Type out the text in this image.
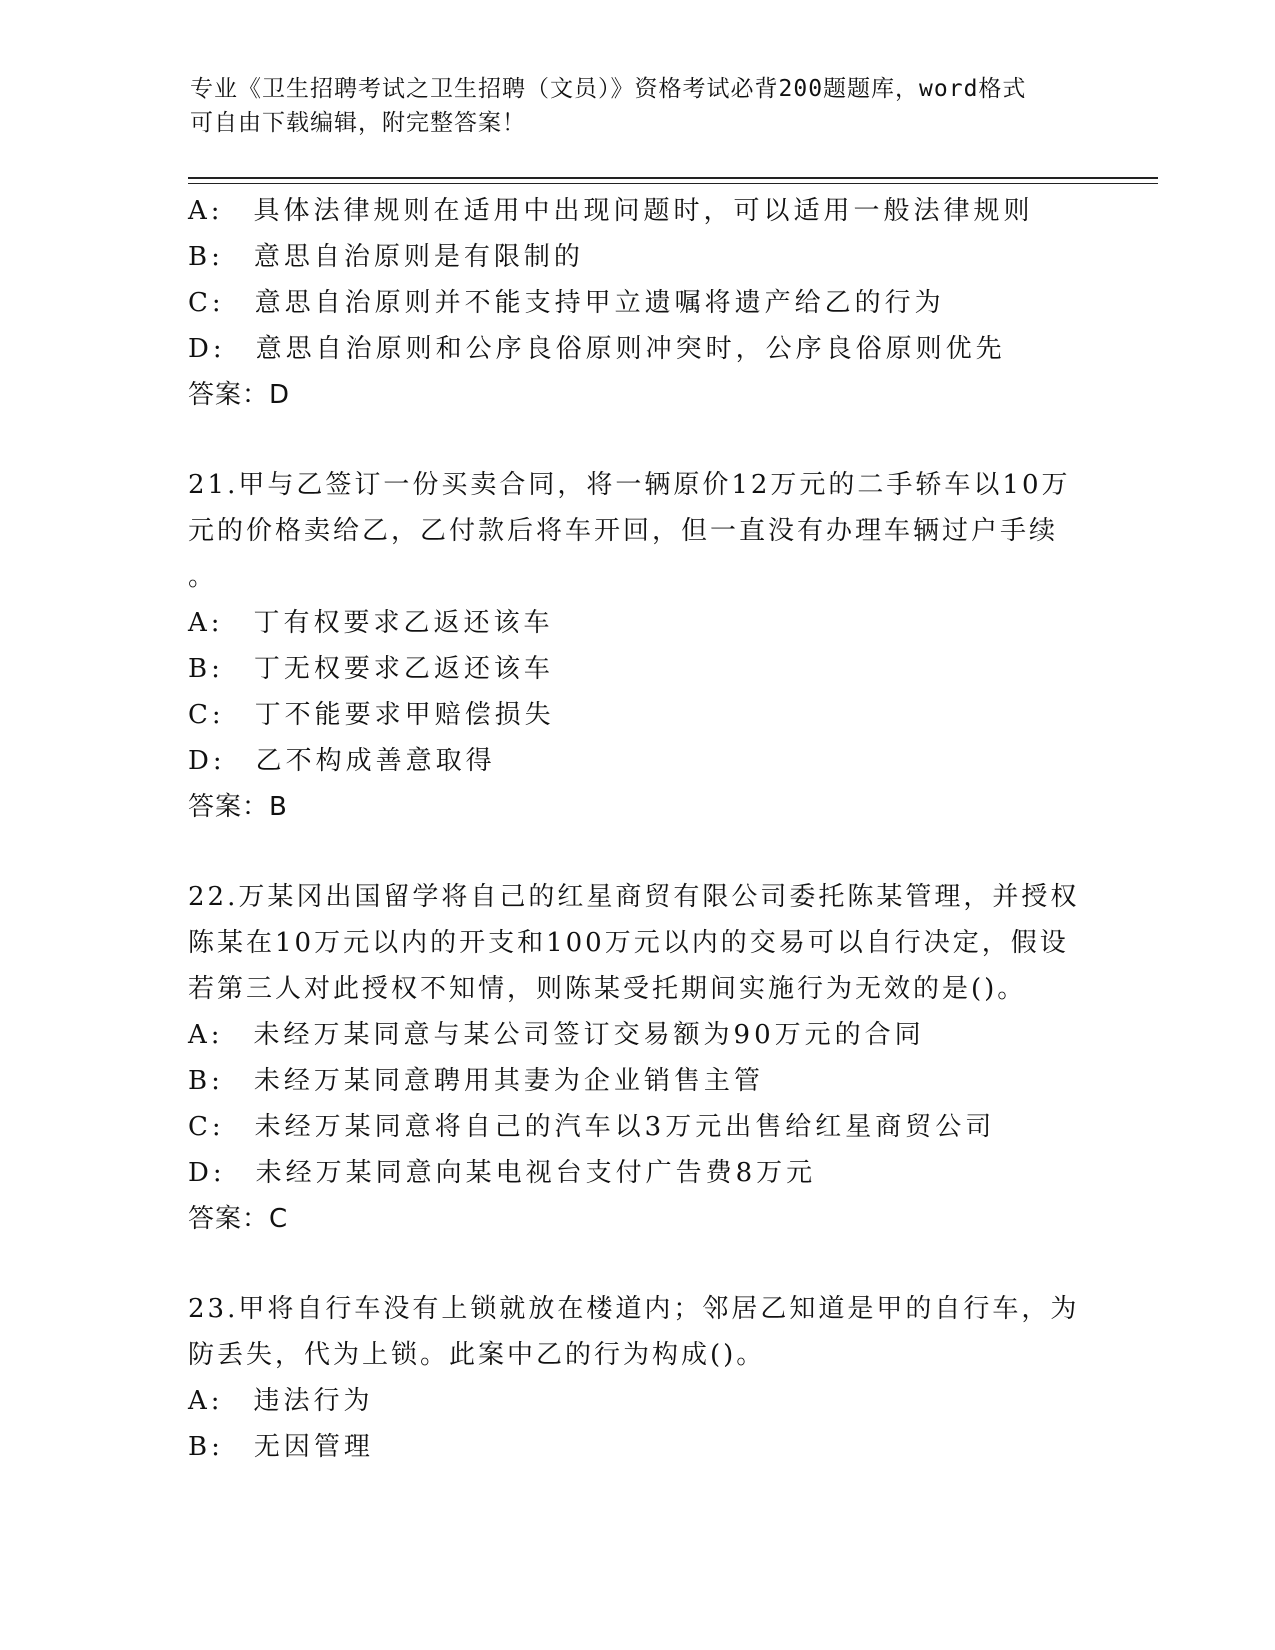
专业《卫生招聘考试之卫生招聘（文员）》资格考试必背200题题库，word格式
可自由下载编辑，附完整答案！
A:　具体法律规则在适用中出现问题时，可以适用一般法律规则
B:　意思自治原则是有限制的
C:　意思自治原则并不能支持甲立遗嘱将遗产给乙的行为
D:　意思自治原则和公序良俗原则冲突时，公序良俗原则优先
答案：D
21.甲与乙签订一份买卖合同，将一辆原价12万元的二手轿车以10万
元的价格卖给乙，乙付款后将车开回，但一直没有办理车辆过户手续
。
A:　丁有权要求乙返还该车
B:　丁无权要求乙返还该车
C:　丁不能要求甲赔偿损失
D:　乙不构成善意取得
答案：B
22.万某冈出国留学将自己的红星商贸有限公司委托陈某管理，并授权
陈某在10万元以内的开支和100万元以内的交易可以自行决定，假设
若第三人对此授权不知情，则陈某受托期间实施行为无效的是()。
A:　未经万某同意与某公司签订交易额为90万元的合同
B:　未经万某同意聘用其妻为企业销售主管
C:　未经万某同意将自己的汽车以3万元出售给红星商贸公司
D:　未经万某同意向某电视台支付广告费8万元
答案：C
23.甲将自行车没有上锁就放在楼道内；邻居乙知道是甲的自行车，为
防丢失，代为上锁。此案中乙的行为构成()。
A:　违法行为
B:　无因管理
